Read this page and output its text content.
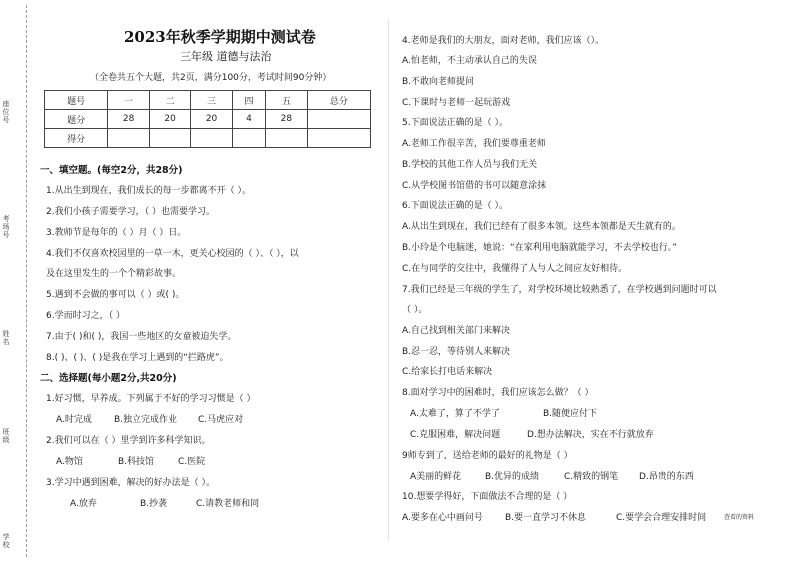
座位号
考场号
姓名
班级
学校
2023年秋季学期期中测试卷
三年级 道德与法治
（全卷共五个大题，共2页，满分100分，考试时间90分钟）
题号	一	二	三	四	五	总分
题分	28	20	20	4	28	
得分						
一、填空题。(每空2分，共28分)
1.从出生到现在，我们成长的每一步都离不开（ ）。
2.我们小孩子需要学习，（ ）也需要学习。
3.教师节是每年的（ ）月（ ）日。
4.我们不仅喜欢校园里的一草一木，更关心校园的（ ）、（ ），以
及在这里发生的一个个精彩故事。
5.遇到不会做的事可以（ ）或( )。
6.学而时习之，（ ）
7.由于( )和( )，我国一些地区的女童被迫失学。
8.( )、( )、( )是我在学习上遇到的“拦路虎”。
二、选择题(每小题2分,共20分)
1.好习惯，早养成。下列属于不好的学习习惯是（ ）
A.时完成 B.独立完成作业 C.马虎应对
2.我们可以在（ ）里学到许多科学知识。
A.物馆	B.科技馆	C.医院
3.学习中遇到困难，解决的好办法是（ ）。
A.放弃	B.抄袭	C.请教老师和同
4.老师是我们的大朋友，面对老师，我们应该（）。
A.怕老师，不主动承认自己的失误
B.不敢向老师提问
C.下课时与老师一起玩游戏
5.下面说法正确的是（ ）。
A.老师工作很辛苦，我们要尊重老师
B.学校的其他工作人员与我们无关
C.从学校图书馆借的书可以随意涂抹
6.下面说法正确的是（ ）。
A.从出生到现在，我们已经有了很多本领。这些本领都是天生就有的。
B.小玲是个电脑迷，她说：“在家利用电脑就能学习，不去学校也行。”
C.在与同学的交往中，我懂得了人与人之间应友好相待。
7.我们已经是三年级的学生了，对学校环境比较熟悉了，在学校遇到问题时可以
（ ）。
A.自己找到相关部门来解决
B.忍一忍，等待别人来解决
C.给家长打电话来解决
8.面对学习中的困难时，我们应该怎么做？（ ）
A.太难了，算了不学了	B.随便应付下
C.克服困难，解决问题	D.想办法解决，实在不行就放弃
9师专到了，送给老师的最好的礼物是（ ）
A美丽的鲜花	B.优异的成绩	C.精致的钢笔 D.昂贵的东西
10.想要学得好，下面做法不合理的是（ ）
A.要多在心中画问号 B.要一直学习不休息	C.要学会合理安排时间	查看的资料
